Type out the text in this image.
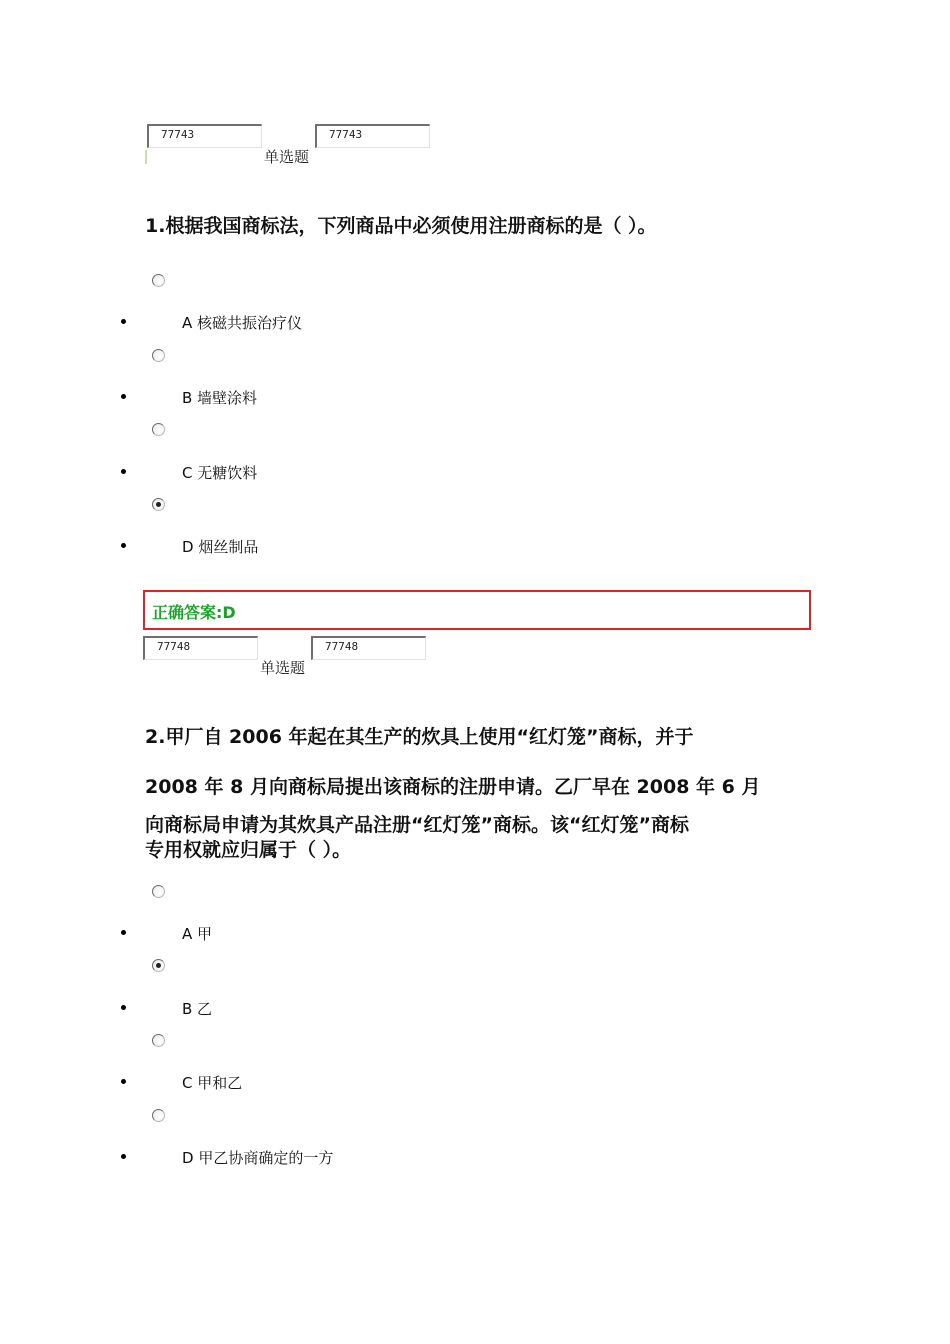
77743	77743
单选题
1.根据我国商标法，下列商品中必须使用注册商标的是（ ）。
A 核磁共振治疗仪
B 墙壁涂料
C 无糖饮料
D 烟丝制品
正确答案:D
77748	77748
单选题
2.甲厂自 2006 年起在其生产的炊具上使用“红灯笼”商标，并于
2008 年 8 月向商标局提出该商标的注册申请。乙厂早在 2008 年 6 月
向商标局申请为其炊具产品注册“红灯笼”商标。该“红灯笼”商标
专用权就应归属于（ ）。
A 甲
B 乙
C 甲和乙
D 甲乙协商确定的一方
